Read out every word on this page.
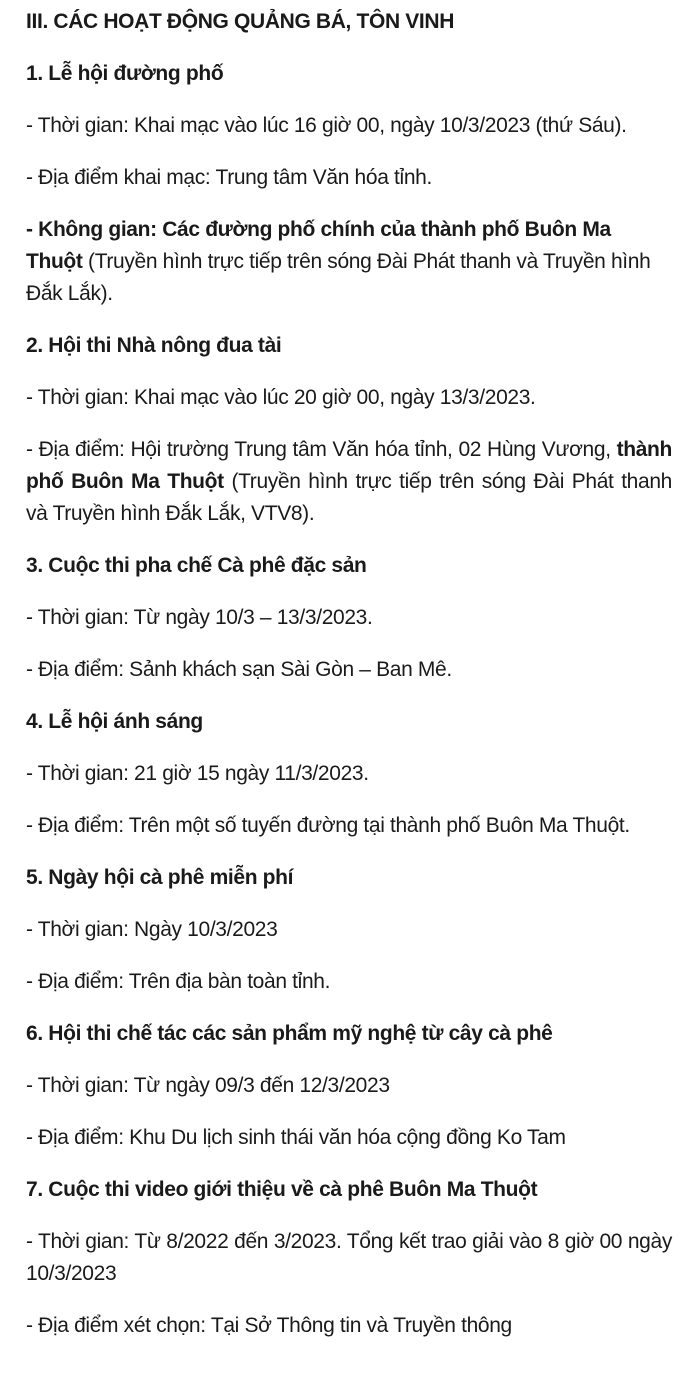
III. CÁC HOẠT ĐỘNG QUẢNG BÁ, TÔN VINH

1. Lễ hội đường phố

- Thời gian: Khai mạc vào lúc 16 giờ 00, ngày 10/3/2023 (thứ Sáu).

- Địa điểm khai mạc: Trung tâm Văn hóa tỉnh.

- Không gian: Các đường phố chính của thành phố Buôn Ma Thuột (Truyền hình trực tiếp trên sóng Đài Phát thanh và Truyền hình Đắk Lắk).

2. Hội thi Nhà nông đua tài

- Thời gian: Khai mạc vào lúc 20 giờ 00, ngày 13/3/2023.

- Địa điểm: Hội trường Trung tâm Văn hóa tỉnh, 02 Hùng Vương, thành phố Buôn Ma Thuột (Truyền hình trực tiếp trên sóng Đài Phát thanh và Truyền hình Đắk Lắk, VTV8).

3. Cuộc thi pha chế Cà phê đặc sản

- Thời gian: Từ ngày 10/3 – 13/3/2023.

- Địa điểm: Sảnh khách sạn Sài Gòn – Ban Mê.

4. Lễ hội ánh sáng

- Thời gian: 21 giờ 15 ngày 11/3/2023.

- Địa điểm: Trên một số tuyến đường tại thành phố Buôn Ma Thuột.

5. Ngày hội cà phê miễn phí

- Thời gian: Ngày 10/3/2023

- Địa điểm: Trên địa bàn toàn tỉnh.

6. Hội thi chế tác các sản phẩm mỹ nghệ từ cây cà phê

- Thời gian: Từ ngày 09/3 đến 12/3/2023

- Địa điểm: Khu Du lịch sinh thái văn hóa cộng đồng Ko Tam

7. Cuộc thi video giới thiệu về cà phê Buôn Ma Thuột

- Thời gian: Từ 8/2022 đến 3/2023. Tổng kết trao giải vào 8 giờ 00 ngày 10/3/2023

- Địa điểm xét chọn: Tại Sở Thông tin và Truyền thông
